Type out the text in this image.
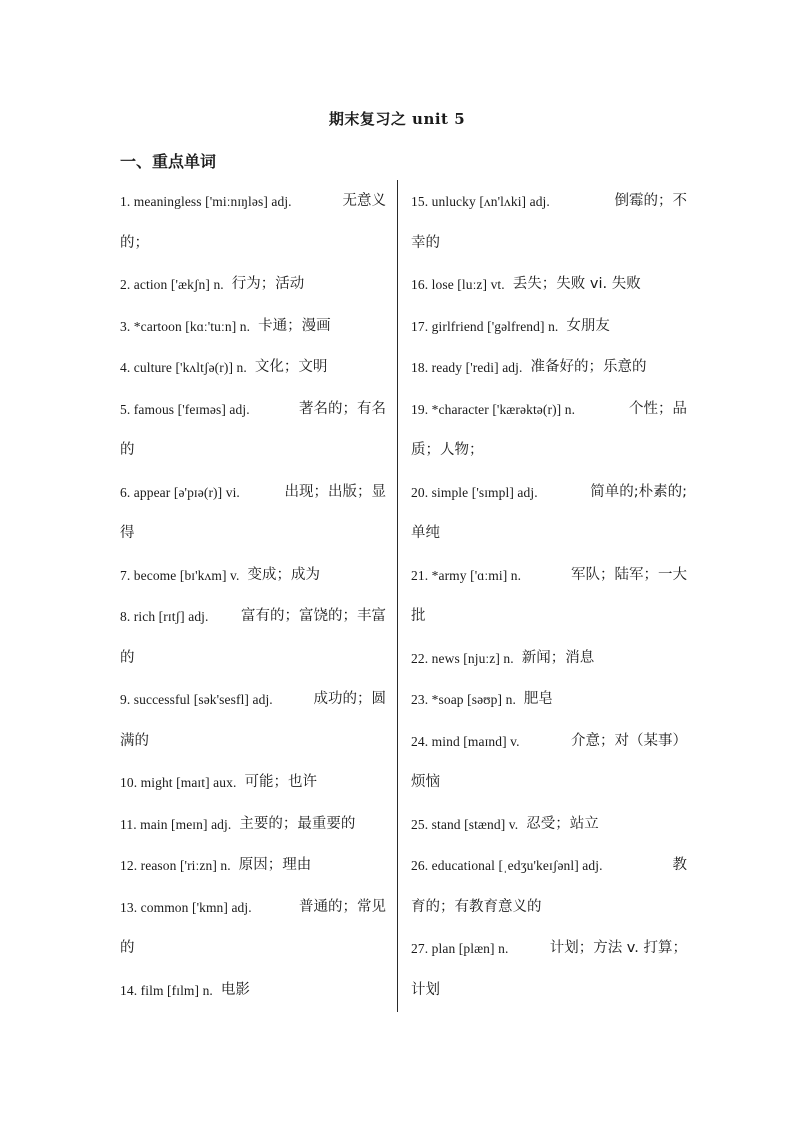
期末复习之 unit 5
一、重点单词
1. meaningless ['miːnɪŋləs] adj.	无意义
的；
2. action ['ækʃn] n. 行为；活动
3. *cartoon [kɑː'tuːn] n. 卡通；漫画
4. culture ['kʌltʃə(r)] n. 文化；文明
5. famous ['feɪməs] adj.	著名的；有名
的
6. appear [ə'pɪə(r)] vi.	出现；出版；显
得
7. become [bɪ'kʌm] v. 变成；成为
8. rich [rɪtʃ] adj. 富有的；富饶的；丰富
的
9. successful [sək'sesfl] adj.	成功的；圆
满的
10. might [maɪt] aux. 可能；也许
11. main [meɪn] adj. 主要的；最重要的
12. reason ['riːzn] n. 原因；理由
13. common ['kmn] adj.	普通的；常见
的
14. film [fɪlm] n. 电影
15. unlucky [ʌn'lʌki] adj.	倒霉的；不
幸的
16. lose [luːz] vt. 丢失；失败 vi. 失败
17. girlfriend ['gəlfrend] n. 女朋友
18. ready ['redi] adj. 准备好的；乐意的
19. *character ['kærəktə(r)] n.	个性；品
质；人物；
20. simple ['sɪmpl] adj.	简单的;朴素的;
单纯
21. *army ['ɑːmi] n.	军队；陆军；一大
批
22. news [njuːz] n. 新闻；消息
23. *soap [səʊp] n. 肥皂
24. mind [maɪnd] v.	介意；对（某事）
烦恼
25. stand [stænd] v. 忍受；站立
26. educational [ˌedʒu'keɪʃənl] adj.	教
育的；有教育意义的
27. plan [plæn] n.	计划；方法 v. 打算；
计划
